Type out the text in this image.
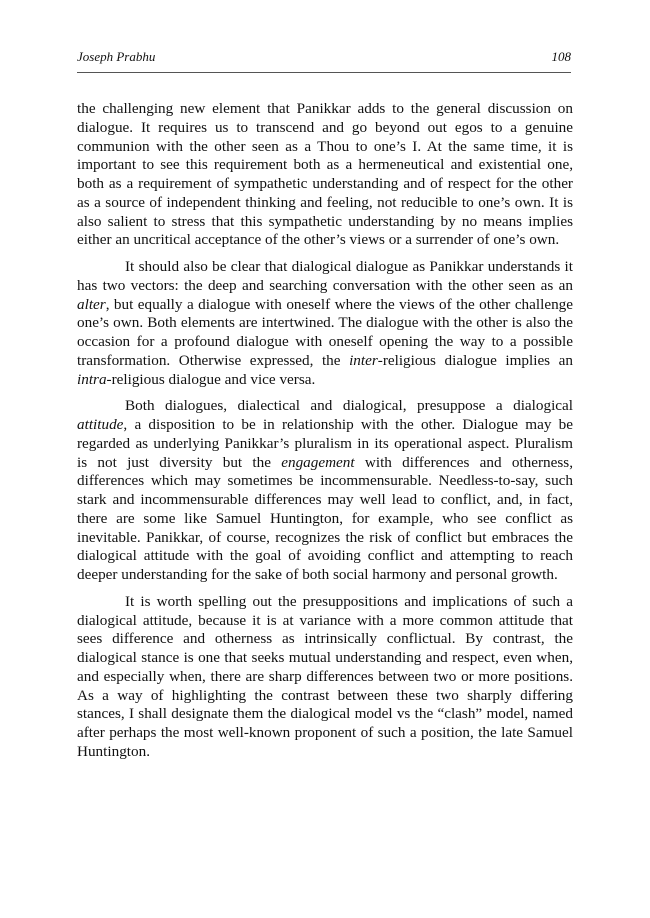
Joseph Prabhu	108

the challenging new element that Panikkar adds to the general discussion on dialogue. It requires us to transcend and go beyond out egos to a genuine communion with the other seen as a Thou to one’s I. At the same time, it is important to see this requirement both as a hermeneutical and existential one, both as a requirement of sympathetic understanding and of respect for the other as a source of independent thinking and feeling, not reducible to one’s own. It is also salient to stress that this sympathetic understanding by no means implies either an uncritical acceptance of the other’s views or a surrender of one’s own.

It should also be clear that dialogical dialogue as Panikkar understands it has two vectors: the deep and searching conversation with the other seen as an alter, but equally a dialogue with oneself where the views of the other challenge one’s own. Both elements are intertwined. The dialogue with the other is also the occasion for a profound dialogue with oneself opening the way to a possible transformation. Otherwise expressed, the inter-religious dialogue implies an intra-religious dialogue and vice versa.

Both dialogues, dialectical and dialogical, presuppose a dialogical attitude, a disposition to be in relationship with the other. Dialogue may be regarded as underlying Panikkar’s pluralism in its operational aspect. Pluralism is not just diversity but the engagement with differences and otherness, differences which may sometimes be incommensurable. Needless-to-say, such stark and incommensurable differences may well lead to conflict, and, in fact, there are some like Samuel Huntington, for example, who see conflict as inevitable. Panikkar, of course, recognizes the risk of conflict but embraces the dialogical attitude with the goal of avoiding conflict and attempting to reach deeper understanding for the sake of both social harmony and personal growth.

It is worth spelling out the presuppositions and implications of such a dialogical attitude, because it is at variance with a more common attitude that sees difference and otherness as intrinsically conflictual. By contrast, the dialogical stance is one that seeks mutual understanding and respect, even when, and especially when, there are sharp differences between two or more positions. As a way of highlighting the contrast between these two sharply differing stances, I shall designate them the dialogical model vs the “clash” model, named after perhaps the most well-known proponent of such a position, the late Samuel Huntington.
